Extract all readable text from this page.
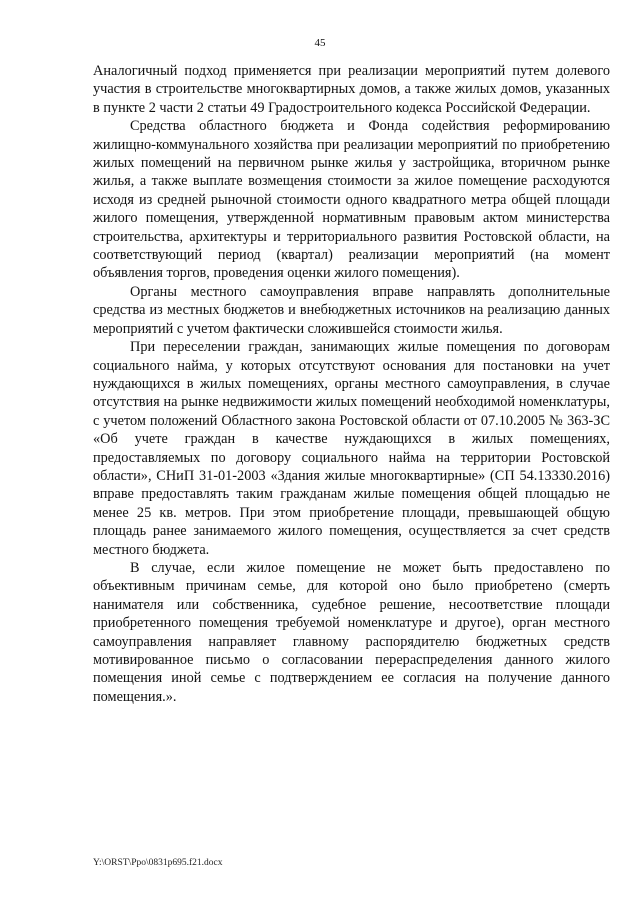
45

Аналогичный подход применяется при реализации мероприятий путем долевого участия в строительстве многоквартирных домов, а также жилых домов, указанных в пункте 2 части 2 статьи 49 Градостроительного кодекса Российской Федерации.

Средства областного бюджета и Фонда содействия реформированию жилищно-коммунального хозяйства при реализации мероприятий по приобретению жилых помещений на первичном рынке жилья у застройщика, вторичном рынке жилья, а также выплате возмещения стоимости за жилое помещение расходуются исходя из средней рыночной стоимости одного квадратного метра общей площади жилого помещения, утвержденной нормативным правовым актом министерства строительства, архитектуры и территориального развития Ростовской области, на соответствующий период (квартал) реализации мероприятий (на момент объявления торгов, проведения оценки жилого помещения).

Органы местного самоуправления вправе направлять дополнительные средства из местных бюджетов и внебюджетных источников на реализацию данных мероприятий с учетом фактически сложившейся стоимости жилья.

При переселении граждан, занимающих жилые помещения по договорам социального найма, у которых отсутствуют основания для постановки на учет нуждающихся в жилых помещениях, органы местного самоуправления, в случае отсутствия на рынке недвижимости жилых помещений необходимой номенклатуры, с учетом положений Областного закона Ростовской области от 07.10.2005 № 363-ЗС «Об учете граждан в качестве нуждающихся в жилых помещениях, предоставляемых по договору социального найма на территории Ростовской области», СНиП 31-01-2003 «Здания жилые многоквартирные» (СП 54.13330.2016) вправе предоставлять таким гражданам жилые помещения общей площадью не менее 25 кв. метров. При этом приобретение площади, превышающей общую площадь ранее занимаемого жилого помещения, осуществляется за счет средств местного бюджета.

В случае, если жилое помещение не может быть предоставлено по объективным причинам семье, для которой оно было приобретено (смерть нанимателя или собственника, судебное решение, несоответствие площади приобретенного помещения требуемой номенклатуре и другое), орган местного самоуправления направляет главному распорядителю бюджетных средств мотивированное письмо о согласовании перераспределения данного жилого помещения иной семье с подтверждением ее согласия на получение данного помещения.».

Y:\ORST\Ppo\0831p695.f21.docx
